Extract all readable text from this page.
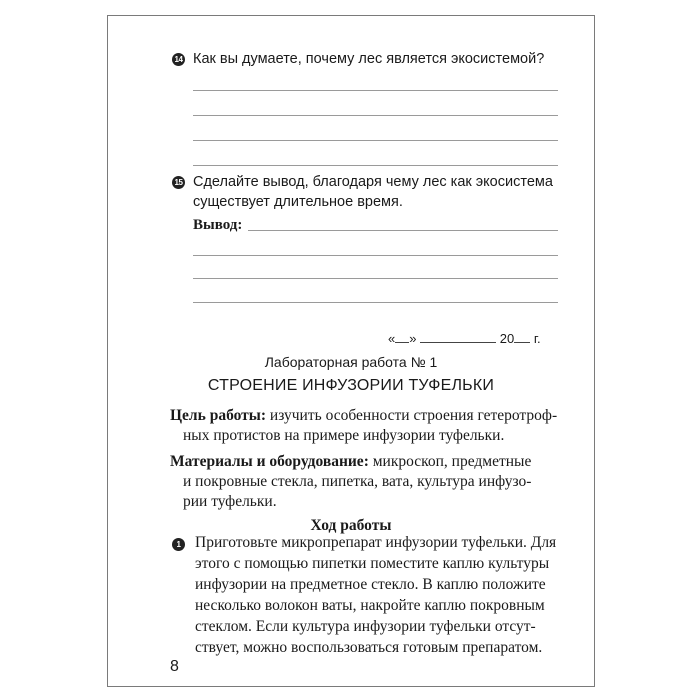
14 Как вы думаете, почему лес является экосистемой?
15 Сделайте вывод, благодаря чему лес как экосистема
существует длительное время.
Вывод:
« »	20 г.
Лабораторная работа № 1
СТРОЕНИЕ ИНФУЗОРИИ ТУФЕЛЬКИ
Цель работы: изучить особенности строения гетеротроф-
ных протистов на примере инфузории туфельки.
Материалы и оборудование: микроскоп, предметные
и покровные стекла, пипетка, вата, культура инфузо-
рии туфельки.
Ход работы
1 Приготовьте микропрепарат инфузории туфельки. Для
этого с помощью пипетки поместите каплю культуры
инфузории на предметное стекло. В каплю положите
несколько волокон ваты, накройте каплю покровным
стеклом. Если культура инфузории туфельки отсут-
ствует, можно воспользоваться готовым препаратом.
8
